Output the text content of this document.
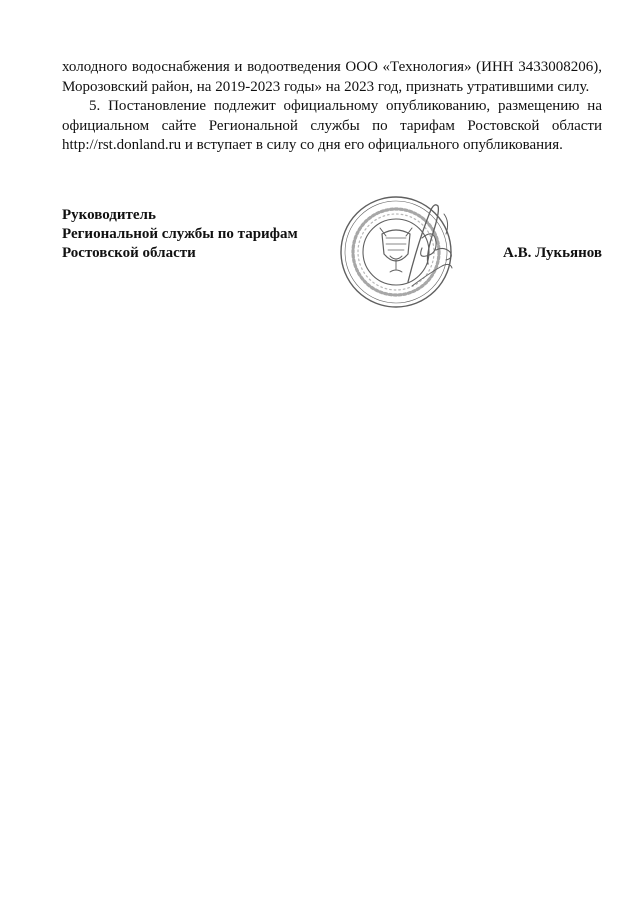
холодного водоснабжения и водоотведения ООО «Технология» (ИНН 3433008206), Морозовский район, на 2019-2023 годы» на 2023 год, признать утратившими силу.

5. Постановление подлежит официальному опубликованию, размещению на официальном сайте Региональной службы по тарифам Ростовской области http://rst.donland.ru и вступает в силу со дня его официального опубликования.

Руководитель
Региональной службы по тарифам
Ростовской области	А.В. Лукьянов
